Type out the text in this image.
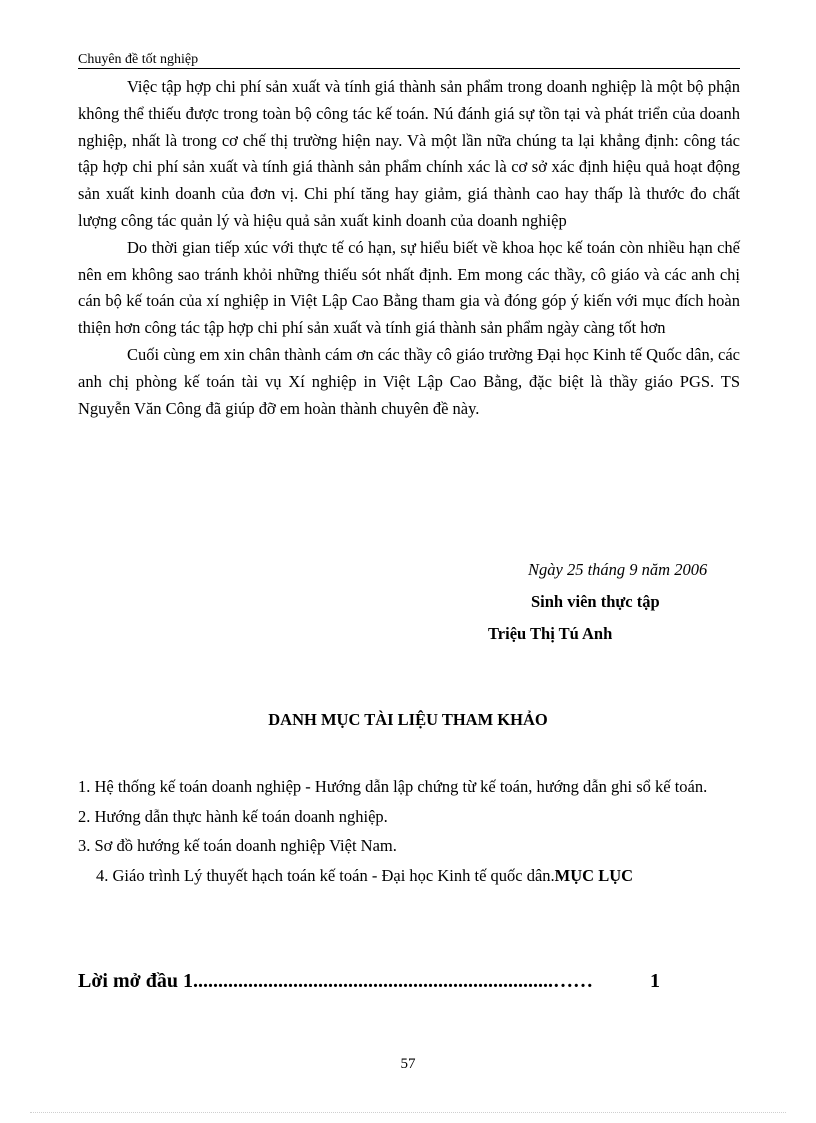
Chuyên đề tốt nghiệp

Việc tập hợp chi phí sản xuất và tính giá thành sản phẩm trong doanh nghiệp là một bộ phận không thể thiếu được trong toàn bộ công tác kế toán. Nú đánh giá sự tồn tại và phát triển của doanh nghiệp, nhất là trong cơ chế thị trường hiện nay. Và một lần nữa chúng ta lại khẳng định: công tác tập hợp chi phí sản xuất và tính giá thành sản phẩm chính xác là cơ sở xác định hiệu quả hoạt động sản xuất kinh doanh của đơn vị. Chi phí tăng hay giảm, giá thành cao hay thấp là thước đo chất lượng công tác quản lý và hiệu quả sản xuất kinh doanh của doanh nghiệp

Do thời gian tiếp xúc với thực tế có hạn, sự hiểu biết về khoa học kế toán còn nhiều hạn chế nên em không sao tránh khỏi những thiếu sót nhất định. Em mong các thầy, cô giáo và các anh chị cán bộ kế toán của xí nghiệp in Việt Lập Cao Bằng tham gia và đóng góp ý kiến với mục đích hoàn thiện hơn công tác tập hợp chi phí sản xuất và tính giá thành sản phẩm ngày càng tốt hơn

Cuối cùng em xin chân thành cám ơn các thầy cô giáo trường Đại học Kinh tế Quốc dân, các anh chị phòng kế toán tài vụ Xí nghiệp in Việt Lập Cao Bằng, đặc biệt là thầy giáo PGS. TS Nguyễn Văn Công đã giúp đỡ em hoàn thành chuyên đề này.

Ngày 25 tháng 9 năm 2006
Sinh viên thực tập
Triệu Thị Tú Anh
DANH MỤC TÀI LIỆU THAM KHẢO
1. Hệ thống kế toán doanh nghiệp - Hướng dẫn lập chứng từ kế toán, hướng dẫn ghi sổ kế toán.
2. Hướng dẫn thực hành kế toán doanh nghiệp.
3. Sơ đồ hướng kế toán doanh nghiệp Việt Nam.
4. Giáo trình Lý thuyết hạch toán kế toán - Đại học Kinh tế quốc dân.MỤC LỤC
Lời mở đầu 1........................................................................……	1
57
